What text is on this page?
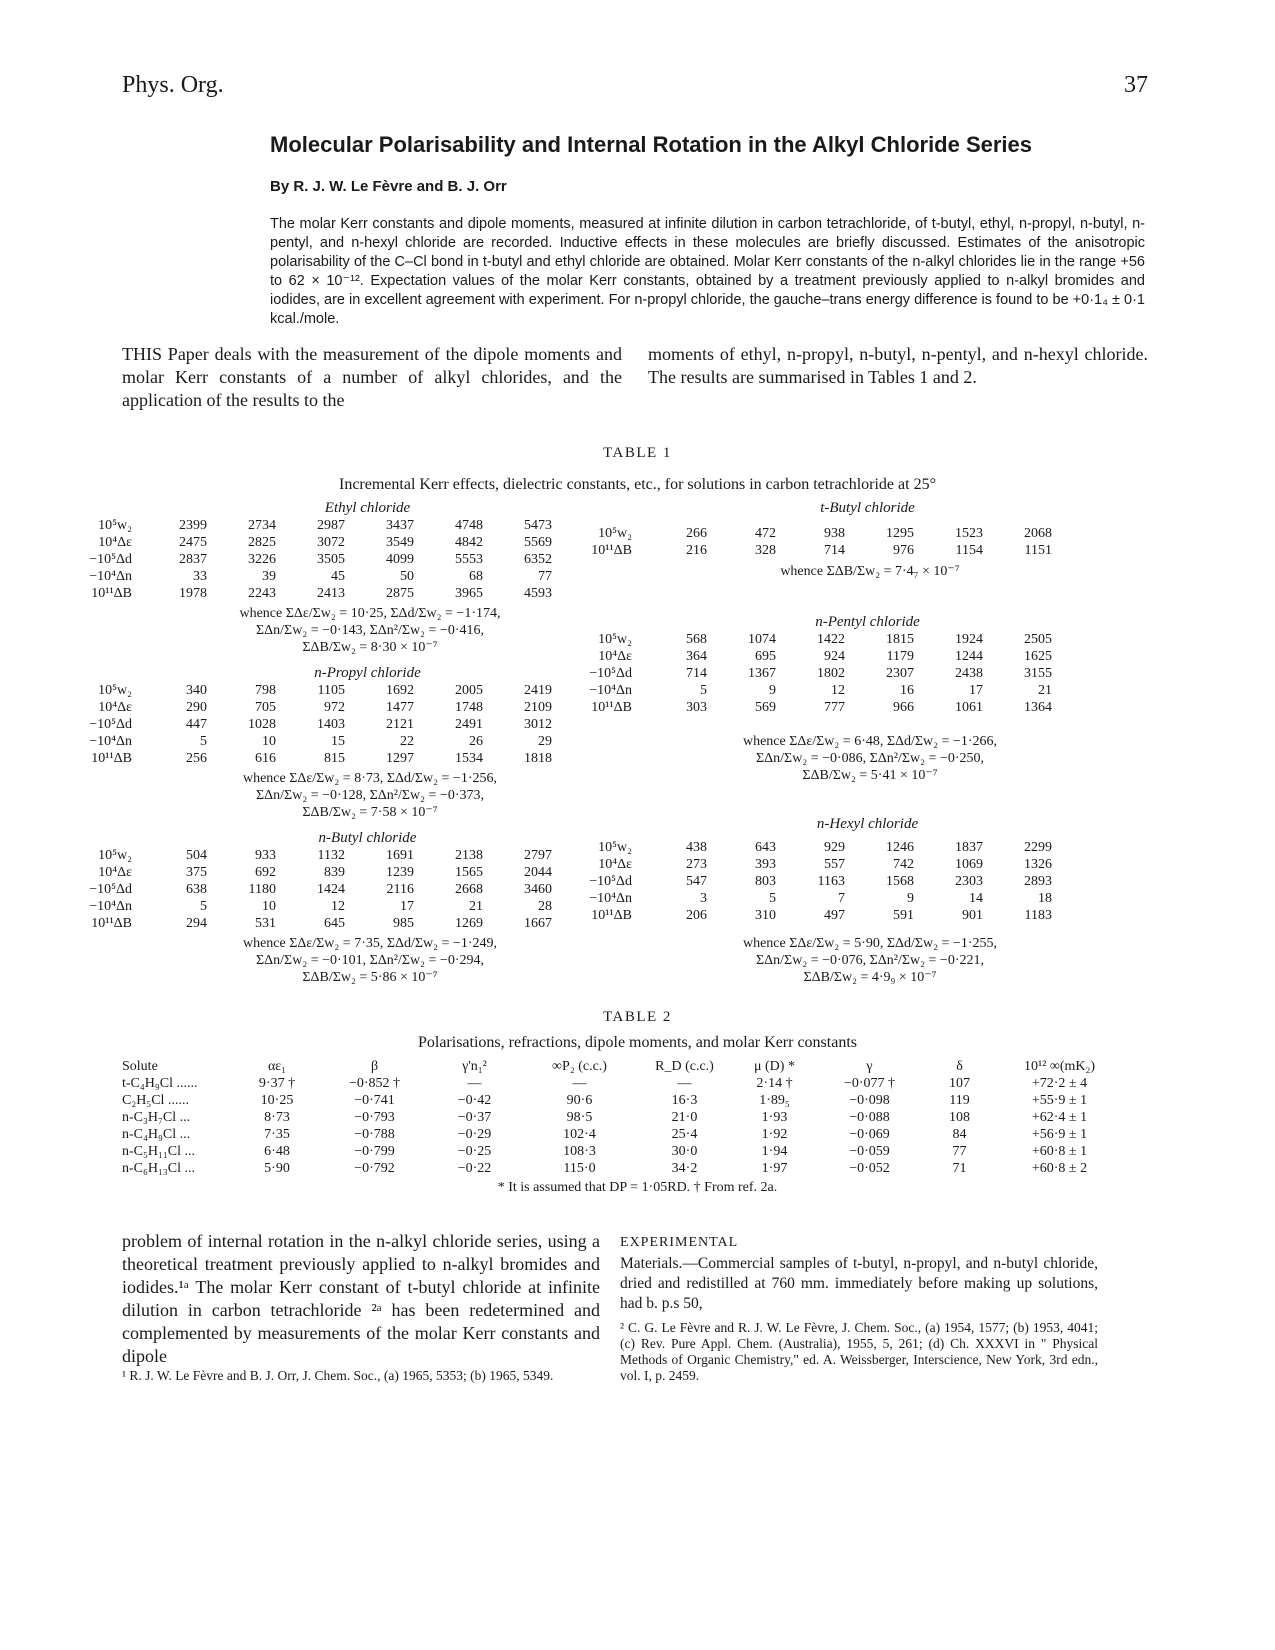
Phys. Org.	37
Molecular Polarisability and Internal Rotation in the Alkyl Chloride Series
By R. J. W. Le Fèvre and B. J. Orr
The molar Kerr constants and dipole moments, measured at infinite dilution in carbon tetrachloride, of t-butyl, ethyl, n-propyl, n-butyl, n-pentyl, and n-hexyl chloride are recorded. Inductive effects in these molecules are briefly discussed. Estimates of the anisotropic polarisability of the C–Cl bond in t-butyl and ethyl chloride are obtained. Molar Kerr constants of the n-alkyl chlorides lie in the range +56 to 62 × 10⁻¹². Expectation values of the molar Kerr constants, obtained by a treatment previously applied to n-alkyl bromides and iodides, are in excellent agreement with experiment. For n-propyl chloride, the gauche–trans energy difference is found to be +0·1₄ ± 0·1 kcal./mole.
THIS Paper deals with the measurement of the dipole moments and molar Kerr constants of a number of alkyl chlorides, and the application of the results to the
moments of ethyl, n-propyl, n-butyl, n-pentyl, and n-hexyl chloride. The results are summarised in Tables 1 and 2.
TABLE 1
Incremental Kerr effects, dielectric constants, etc., for solutions in carbon tetrachloride at 25°
Ethyl chloride
10⁵w₂	2399	2734	2987	3437	4748	5473
10⁴Δε	2475	2825	3072	3549	4842	5569
−10⁵Δd	2837	3226	3505	4099	5553	6352
−10⁴Δn	33	39	45	50	68	77
10¹¹ΔB	1978	2243	2413	2875	3965	4593
whence ΣΔε/Σw₂ = 10·25, ΣΔd/Σw₂ = −1·174,
ΣΔn/Σw₂ = −0·143, ΣΔn²/Σw₂ = −0·416,
ΣΔB/Σw₂ = 8·30 × 10⁻⁷
n-Propyl chloride
10⁵w₂	340	798	1105	1692	2005	2419
10⁴Δε	290	705	972	1477	1748	2109
−10⁵Δd	447	1028	1403	2121	2491	3012
−10⁴Δn	5	10	15	22	26	29
10¹¹ΔB	256	616	815	1297	1534	1818
whence ΣΔε/Σw₂ = 8·73, ΣΔd/Σw₂ = −1·256,
ΣΔn/Σw₂ = −0·128, ΣΔn²/Σw₂ = −0·373,
ΣΔB/Σw₂ = 7·58 × 10⁻⁷
n-Butyl chloride
10⁵w₂	504	933	1132	1691	2138	2797
10⁴Δε	375	692	839	1239	1565	2044
−10⁵Δd	638	1180	1424	2116	2668	3460
−10⁴Δn	5	10	12	17	21	28
10¹¹ΔB	294	531	645	985	1269	1667
whence ΣΔε/Σw₂ = 7·35, ΣΔd/Σw₂ = −1·249,
ΣΔn/Σw₂ = −0·101, ΣΔn²/Σw₂ = −0·294,
ΣΔB/Σw₂ = 5·86 × 10⁻⁷
t-Butyl chloride
10⁵w₂	266	472	938	1295	1523	2068
10¹¹ΔB	216	328	714	976	1154	1151
whence ΣΔB/Σw₂ = 7·4₇ × 10⁻⁷
n-Pentyl chloride
10⁵w₂	568	1074	1422	1815	1924	2505
10⁴Δε	364	695	924	1179	1244	1625
−10⁵Δd	714	1367	1802	2307	2438	3155
−10⁴Δn	5	9	12	16	17	21
10¹¹ΔB	303	569	777	966	1061	1364
whence ΣΔε/Σw₂ = 6·48, ΣΔd/Σw₂ = −1·266,
ΣΔn/Σw₂ = −0·086, ΣΔn²/Σw₂ = −0·250,
ΣΔB/Σw₂ = 5·41 × 10⁻⁷
n-Hexyl chloride
10⁵w₂	438	643	929	1246	1837	2299
10⁴Δε	273	393	557	742	1069	1326
−10⁵Δd	547	803	1163	1568	2303	2893
−10⁴Δn	3	5	7	9	14	18
10¹¹ΔB	206	310	497	591	901	1183
whence ΣΔε/Σw₂ = 5·90, ΣΔd/Σw₂ = −1·255,
ΣΔn/Σw₂ = −0·076, ΣΔn²/Σw₂ = −0·221,
ΣΔB/Σw₂ = 4·9₉ × 10⁻⁷
TABLE 2
Polarisations, refractions, dipole moments, and molar Kerr constants
Solute	αε₁	β	γ'n₁²	∞P₂ (c.c.)	R_D (c.c.)	μ (D) *	γ	δ	10¹² ∞(mK₂)
t-C₄H₉Cl ......	9·37 †	−0·852 †	—	—	—	2·14 †	−0·077 †	107	+72·2 ± 4
C₂H₅Cl ......	10·25	−0·741	−0·42	90·6	16·3	1·89₅	−0·098	119	+55·9 ± 1
n-C₃H₇Cl ...	8·73	−0·793	−0·37	98·5	21·0	1·93	−0·088	108	+62·4 ± 1
n-C₄H₉Cl ...	7·35	−0·788	−0·29	102·4	25·4	1·92	−0·069	84	+56·9 ± 1
n-C₅H₁₁Cl ...	6·48	−0·799	−0·25	108·3	30·0	1·94	−0·059	77	+60·8 ± 1
n-C₆H₁₃Cl ...	5·90	−0·792	−0·22	115·0	34·2	1·97	−0·052	71	+60·8 ± 2
* It is assumed that DP = 1·05RD. † From ref. 2a.
problem of internal rotation in the n-alkyl chloride series, using a theoretical treatment previously applied to n-alkyl bromides and iodides.¹ᵃ The molar Kerr constant of t-butyl chloride at infinite dilution in carbon tetrachloride ²ᵃ has been redetermined and complemented by measurements of the molar Kerr constants and dipole
¹ R. J. W. Le Fèvre and B. J. Orr, J. Chem. Soc., (a) 1965, 5353; (b) 1965, 5349.
EXPERIMENTAL
Materials.—Commercial samples of t-butyl, n-propyl, and n-butyl chloride, dried and redistilled at 760 mm. immediately before making up solutions, had b. p.s 50,
² C. G. Le Fèvre and R. J. W. Le Fèvre, J. Chem. Soc., (a) 1954, 1577; (b) 1953, 4041; (c) Rev. Pure Appl. Chem. (Australia), 1955, 5, 261; (d) Ch. XXXVI in " Physical Methods of Organic Chemistry," ed. A. Weissberger, Interscience, New York, 3rd edn., vol. I, p. 2459.
